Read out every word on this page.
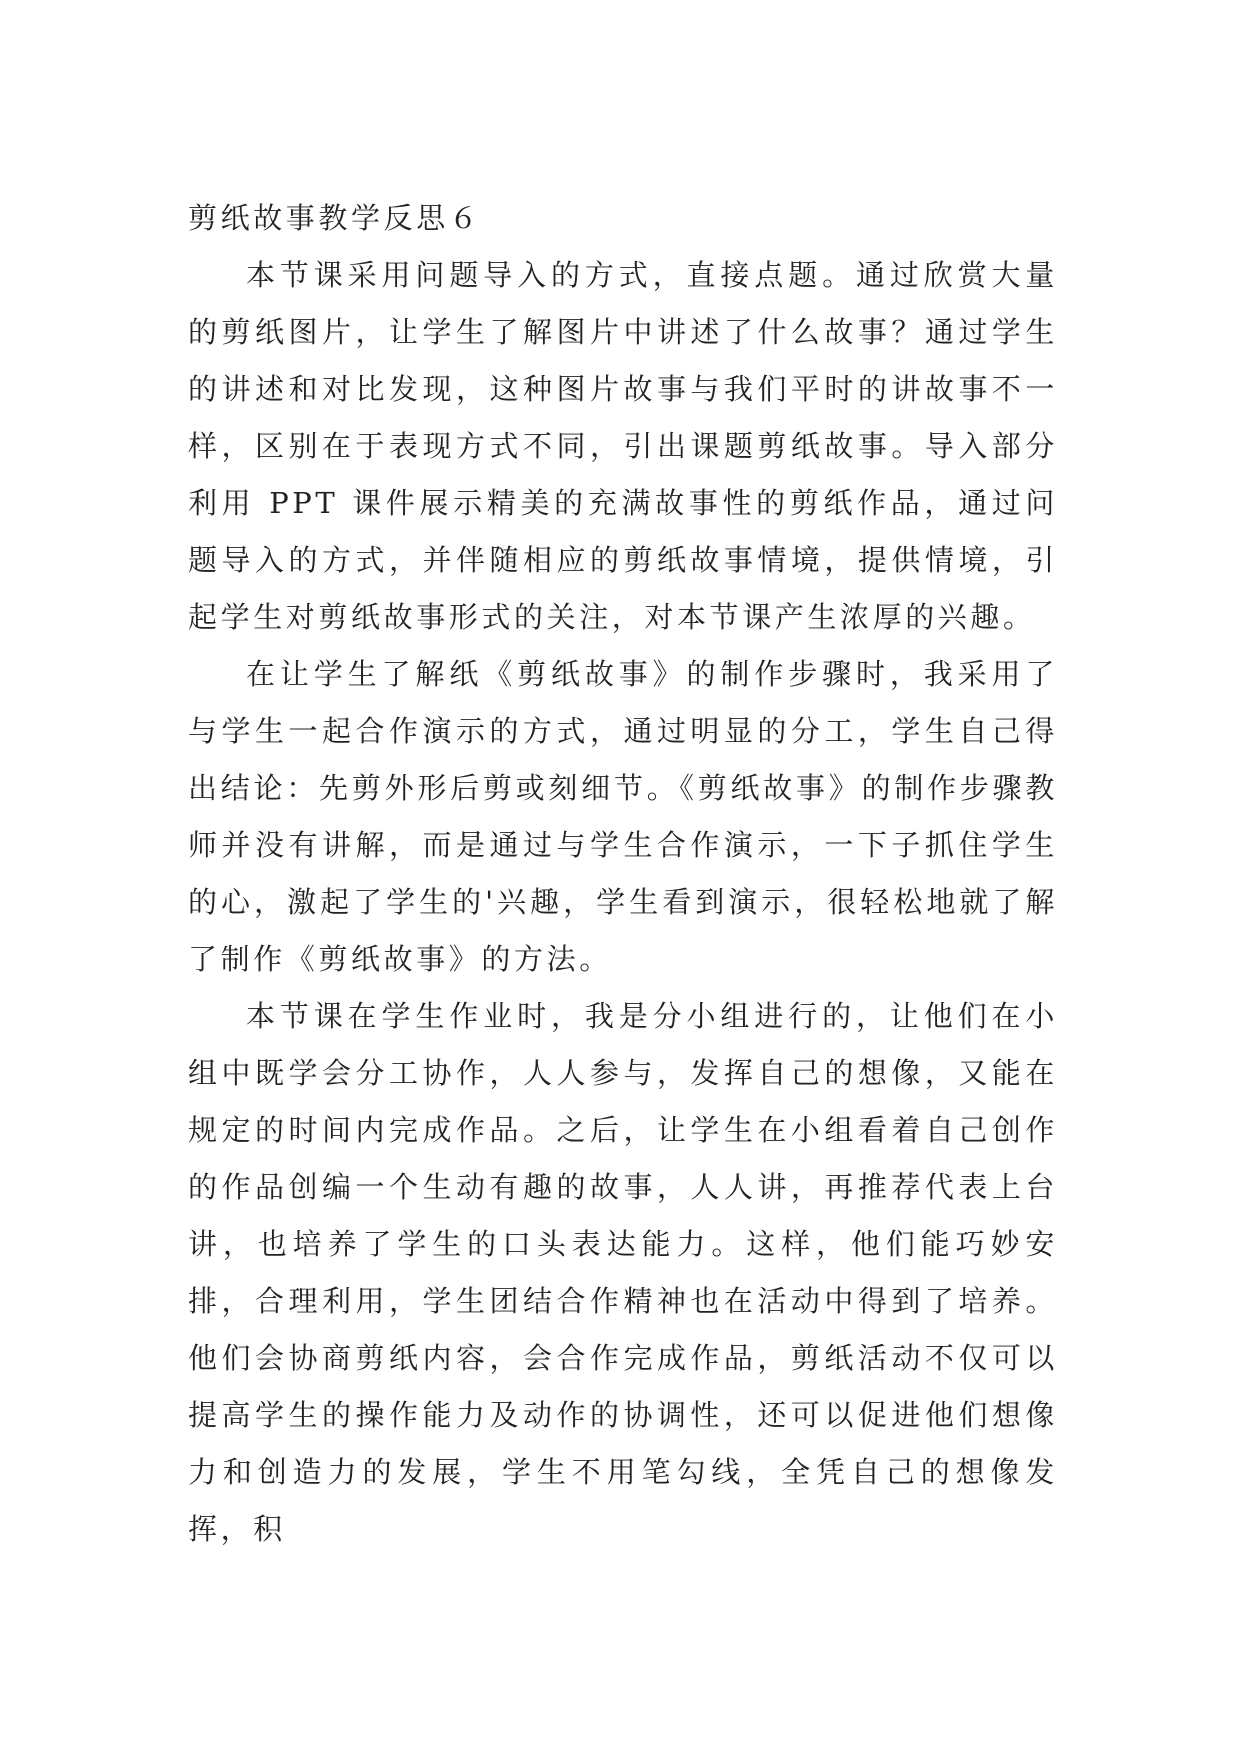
剪纸故事教学反思６

本节课采用问题导入的方式，直接点题。通过欣赏大量的剪纸图片，让学生了解图片中讲述了什么故事？通过学生的讲述和对比发现，这种图片故事与我们平时的讲故事不一样，区别在于表现方式不同，引出课题剪纸故事。导入部分利用 PPT 课件展示精美的充满故事性的剪纸作品，通过问题导入的方式，并伴随相应的剪纸故事情境，提供情境，引起学生对剪纸故事形式的关注，对本节课产生浓厚的兴趣。

在让学生了解纸《剪纸故事》的制作步骤时，我采用了与学生一起合作演示的方式，通过明显的分工，学生自己得出结论：先剪外形后剪或刻细节。《剪纸故事》的制作步骤教师并没有讲解，而是通过与学生合作演示，一下子抓住学生的心，激起了学生的'兴趣，学生看到演示，很轻松地就了解了制作《剪纸故事》的方法。

本节课在学生作业时，我是分小组进行的，让他们在小组中既学会分工协作，人人参与，发挥自己的想像，又能在规定的时间内完成作品。之后，让学生在小组看着自己创作的作品创编一个生动有趣的故事，人人讲，再推荐代表上台讲，也培养了学生的口头表达能力。这样，他们能巧妙安排，合理利用，学生团结合作精神也在活动中得到了培养。他们会协商剪纸内容，会合作完成作品，剪纸活动不仅可以提高学生的操作能力及动作的协调性，还可以促进他们想像力和创造力的发展，学生不用笔勾线，全凭自己的想像发挥，积
